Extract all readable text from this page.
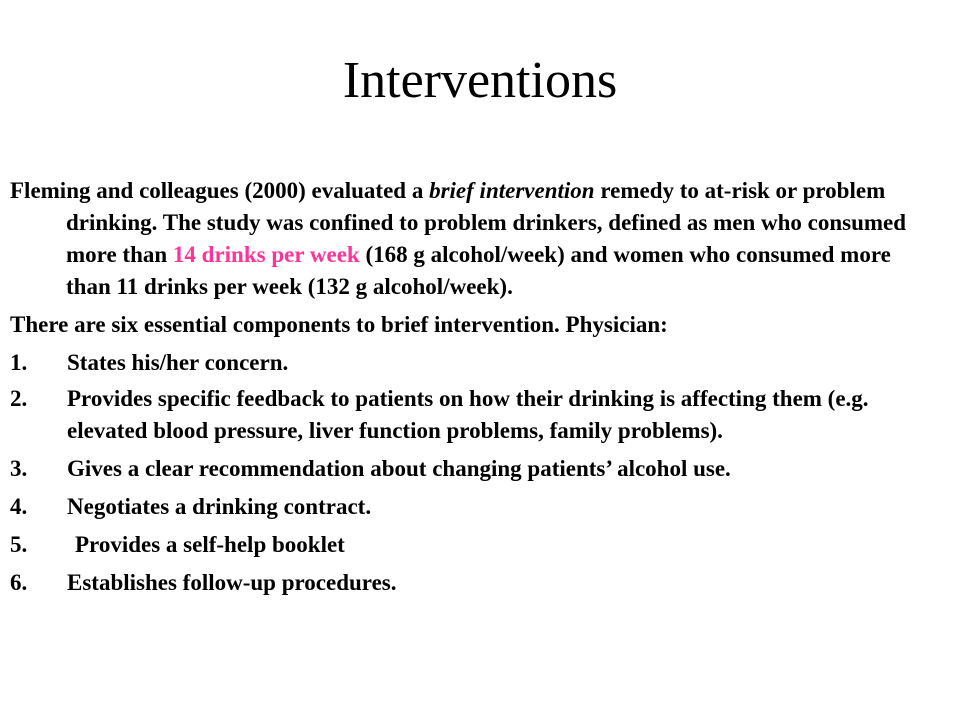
Interventions

Fleming and colleagues (2000) evaluated a brief intervention remedy to at-risk or problem drinking. The study was confined to problem drinkers, defined as men who consumed more than 14 drinks per week (168 g alcohol/week) and women who consumed more than 11 drinks per week (132 g alcohol/week).

There are six essential components to brief intervention. Physician:

1.	States his/her concern.
2.	Provides specific feedback to patients on how their drinking is affecting them (e.g. elevated blood pressure, liver function problems, family problems).
3.	Gives a clear recommendation about changing patients’ alcohol use.
4.	Negotiates a drinking contract.
5.	Provides a self-help booklet
6.	Establishes follow-up procedures.
